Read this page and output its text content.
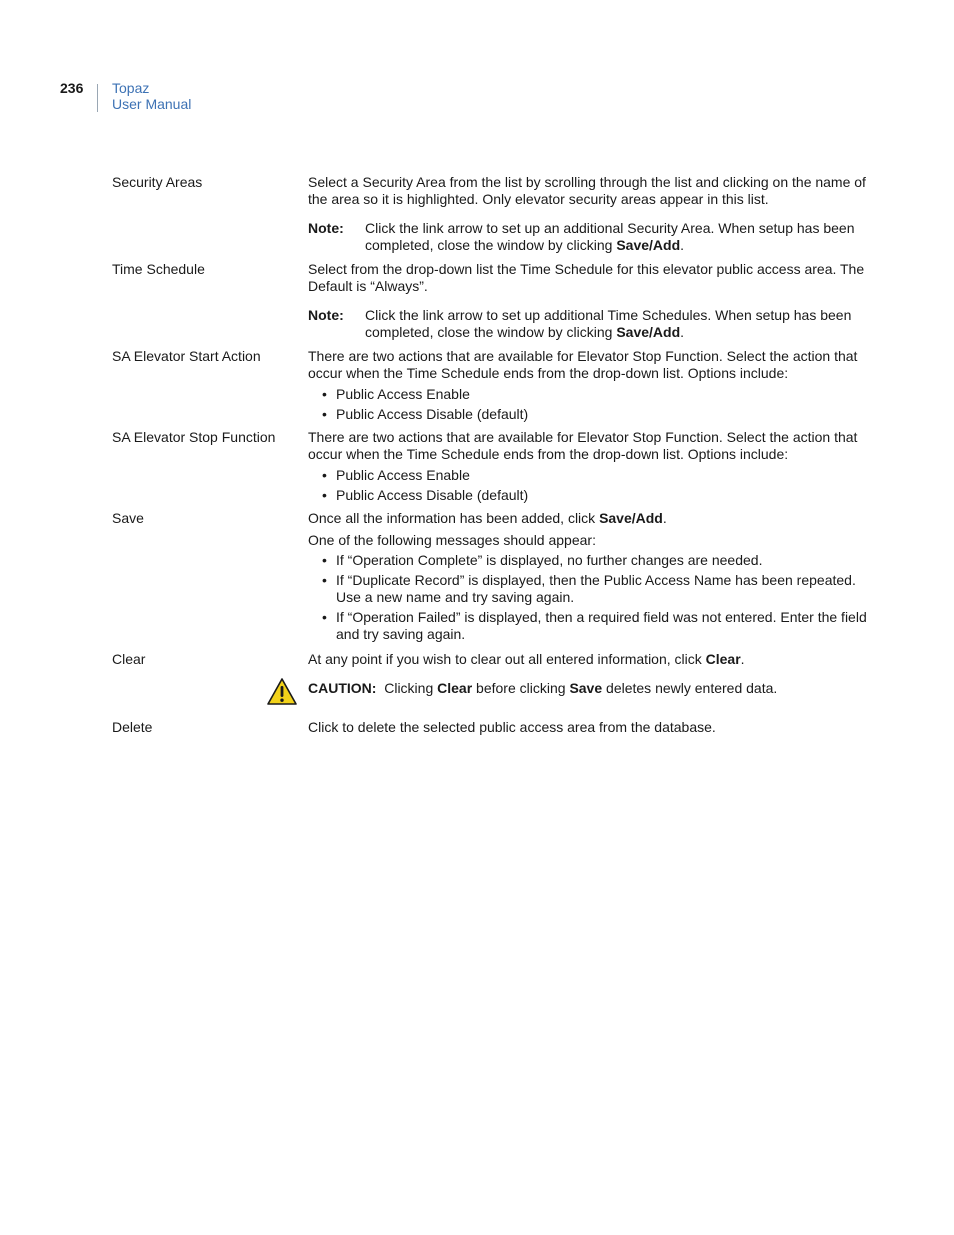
236 Topaz
User Manual
Security Areas	Select a Security Area from the list by scrolling through the list and clicking on the name of the area so it is highlighted. Only elevator security areas appear in this list.

Note: Click the link arrow to set up an additional Security Area. When setup has been completed, close the window by clicking Save/Add.
Time Schedule	Select from the drop-down list the Time Schedule for this elevator public access area. The Default is “Always”.

Note: Click the link arrow to set up additional Time Schedules. When setup has been completed, close the window by clicking Save/Add.
SA Elevator Start Action	There are two actions that are available for Elevator Stop Function. Select the action that occur when the Time Schedule ends from the drop-down list. Options include:

• Public Access Enable
• Public Access Disable (default)
SA Elevator Stop Function	There are two actions that are available for Elevator Stop Function. Select the action that occur when the Time Schedule ends from the drop-down list. Options include:

• Public Access Enable
• Public Access Disable (default)
Save	Once all the information has been added, click Save/Add.

One of the following messages should appear:

• If “Operation Complete” is displayed, no further changes are needed.
• If “Duplicate Record” is displayed, then the Public Access Name has been repeated. Use a new name and try saving again.
• If “Operation Failed” is displayed, then a required field was not entered. Enter the field and try saving again.
Clear	At any point if you wish to clear out all entered information, click Clear.

CAUTION: Clicking Clear before clicking Save deletes newly entered data.
Delete	Click to delete the selected public access area from the database.
